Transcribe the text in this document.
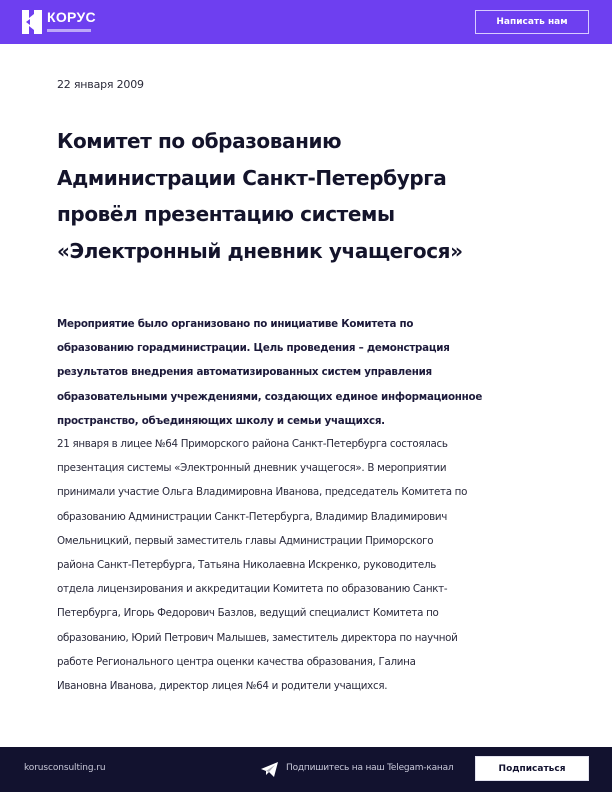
КОРУС	Написать нам
22 января 2009
Комитет по образованию
Администрации Санкт-Петербурга
провёл презентацию системы
«Электронный дневник учащегося»

Мероприятие было организовано по инициативе Комитета по
образованию горадминистрации. Цель проведения – демонстрация
результатов внедрения автоматизированных систем управления
образовательными учреждениями, создающих единое информационное
пространство, объединяющих школу и семьи учащихся.

21 января в лицее №64 Приморского района Санкт-Петербурга состоялась
презентация системы «Электронный дневник учащегося». В мероприятии
принимали участие Ольга Владимировна Иванова, председатель Комитета по
образованию Администрации Санкт-Петербурга, Владимир Владимирович
Омельницкий, первый заместитель главы Администрации Приморского
района Санкт-Петербурга, Татьяна Николаевна Искренко, руководитель
отдела лицензирования и аккредитации Комитета по образованию Санкт-
Петербурга, Игорь Федорович Базлов, ведущий специалист Комитета по
образованию, Юрий Петрович Малышев, заместитель директора по научной
работе Регионального центра оценки качества образования, Галина
Ивановна Иванова, директор лицея №64 и родители учащихся.

korusconsulting.ru	Подпишитесь на наш Telegam-канал	Подписаться
